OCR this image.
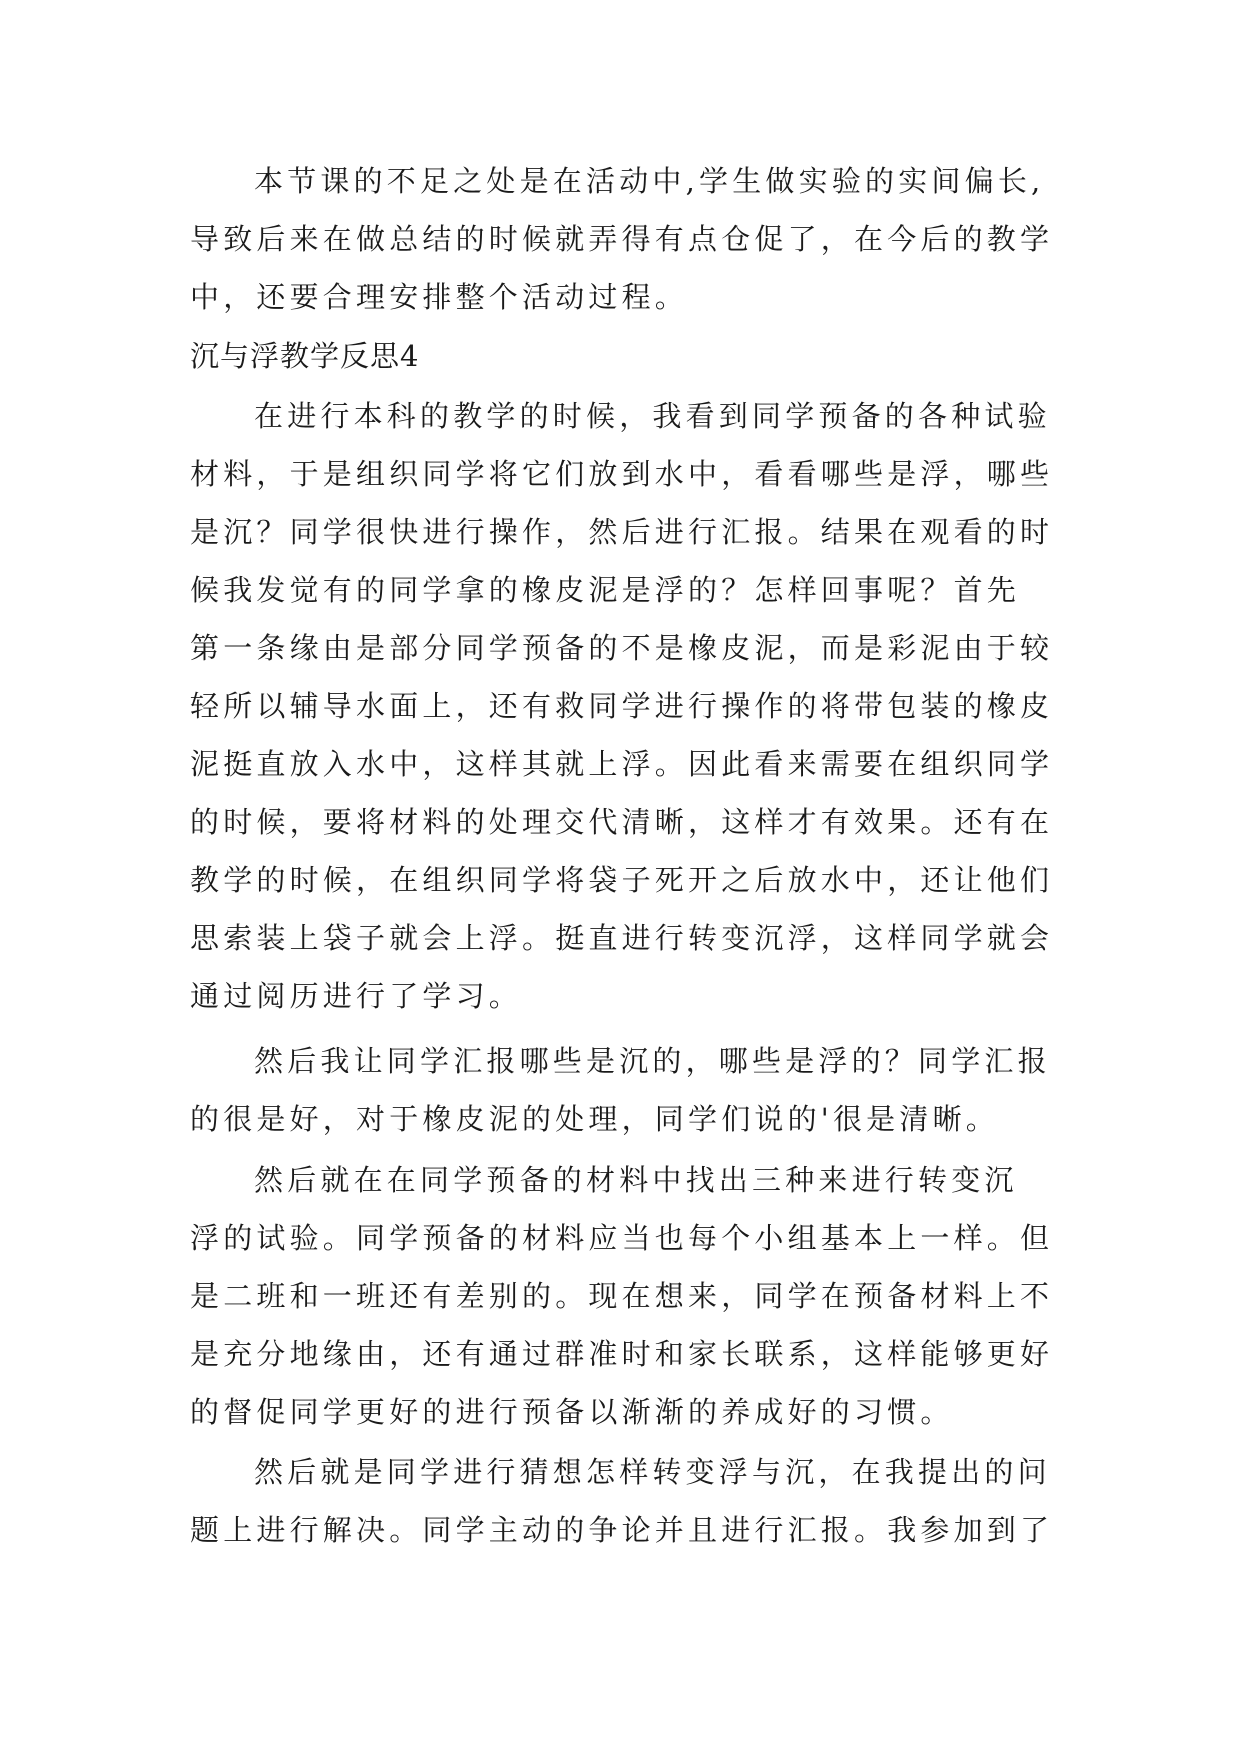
本节课的不足之处是在活动中,学生做实验的实间偏长,
导致后来在做总结的时候就弄得有点仓促了，在今后的教学
中，还要合理安排整个活动过程。
沉与浮教学反思4
在进行本科的教学的时候，我看到同学预备的各种试验
材料，于是组织同学将它们放到水中，看看哪些是浮，哪些
是沉？同学很快进行操作，然后进行汇报。结果在观看的时
候我发觉有的同学拿的橡皮泥是浮的？怎样回事呢？首先
第一条缘由是部分同学预备的不是橡皮泥，而是彩泥由于较
轻所以辅导水面上，还有救同学进行操作的将带包装的橡皮
泥挺直放入水中，这样其就上浮。因此看来需要在组织同学
的时候，要将材料的处理交代清晰，这样才有效果。还有在
教学的时候，在组织同学将袋子死开之后放水中，还让他们
思索装上袋子就会上浮。挺直进行转变沉浮，这样同学就会
通过阅历进行了学习。
然后我让同学汇报哪些是沉的，哪些是浮的？同学汇报
的很是好，对于橡皮泥的处理，同学们说的'很是清晰。
然后就在在同学预备的材料中找出三种来进行转变沉
浮的试验。同学预备的材料应当也每个小组基本上一样。但
是二班和一班还有差别的。现在想来，同学在预备材料上不
是充分地缘由，还有通过群准时和家长联系，这样能够更好
的督促同学更好的进行预备以渐渐的养成好的习惯。
然后就是同学进行猜想怎样转变浮与沉，在我提出的问
题上进行解决。同学主动的争论并且进行汇报。我参加到了
